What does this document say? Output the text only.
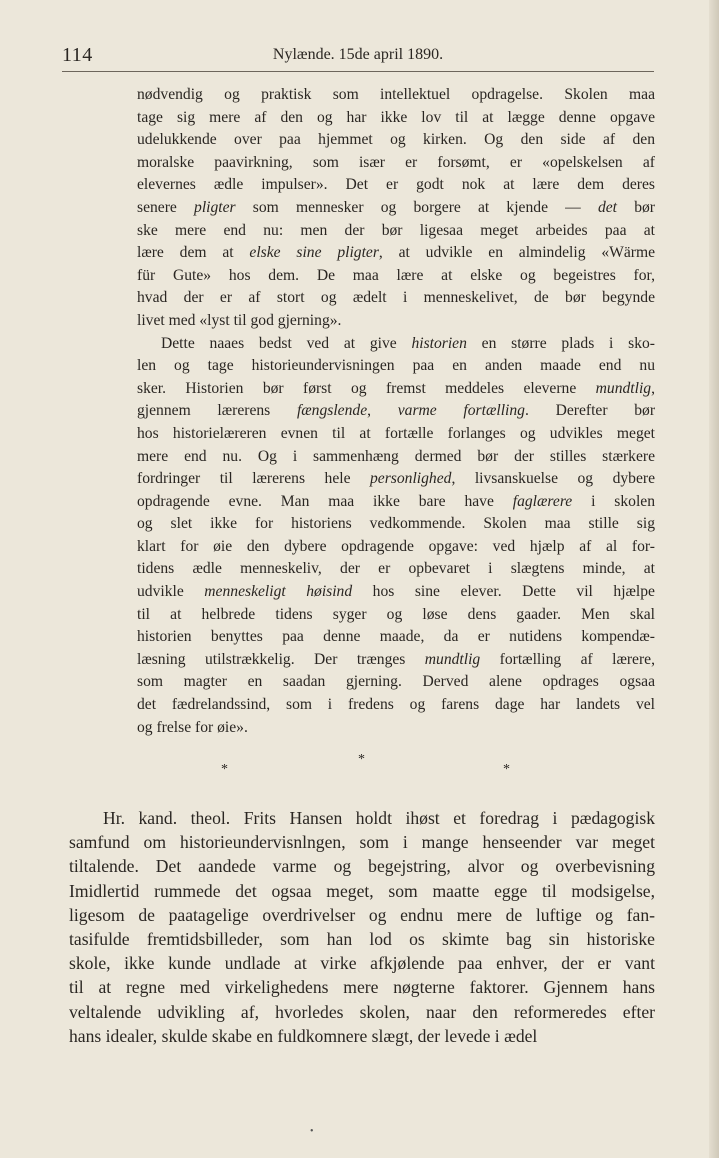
114	Nylænde. 15de april 1890.

nødvendig og praktisk som intellektuel opdragelse. Skolen maa
tage sig mere af den og har ikke lov til at lægge denne opgave
udelukkende over paa hjemmet og kirken. Og den side af den
moralske paavirkning, som især er forsømt, er «opelskelsen af
elevernes ædle impulser». Det er godt nok at lære dem deres
senere pligter som mennesker og borgere at kjende — det bør
ske mere end nu: men der bør ligesaa meget arbeides paa at
lære dem at elske sine pligter, at udvikle en almindelig «Wärme
für Gute» hos dem. De maa lære at elske og begeistres for,
hvad der er af stort og ædelt i menneskelivet, de bør begynde
livet med «lyst til god gjerning».

Dette naaes bedst ved at give historien en større plads i sko-
len og tage historieundervisningen paa en anden maade end nu
sker. Historien bør først og fremst meddeles eleverne mundtlig,
gjennem lærerens fængslende, varme fortælling. Derefter bør
hos historielæreren evnen til at fortælle forlanges og udvikles meget
mere end nu. Og i sammenhæng dermed bør der stilles stærkere
fordringer til lærerens hele personlighed, livsanskuelse og dybere
opdragende evne. Man maa ikke bare have faglærere i skolen
og slet ikke for historiens vedkommende. Skolen maa stille sig
klart for øie den dybere opdragende opgave: ved hjælp af al for-
tidens ædle menneskeliv, der er opbevaret i slægtens minde, at
udvikle menneskeligt høisind hos sine elever. Dette vil hjælpe
til at helbrede tidens syger og løse dens gaader. Men skal
historien benyttes paa denne maade, da er nutidens kompendæ-
læsning utilstrækkelig. Der trænges mundtlig fortælling af lærere,
som magter en saadan gjerning. Derved alene opdrages ogsaa
det fædrelandssind, som i fredens og farens dage har landets vel
og frelse for øie».

*
*
*
Hr. kand. theol. Frits Hansen holdt ihøst et foredrag i pædagogisk
samfund om historieundervisnlngen, som i mange henseender var meget
tiltalende. Det aandede varme og begejstring, alvor og overbevisning
Imidlertid rummede det ogsaa meget, som maatte egge til modsigelse,
ligesom de paatagelige overdrivelser og endnu mere de luftige og fan-
tasifulde fremtidsbilleder, som han lod os skimte bag sin historiske
skole, ikke kunde undlade at virke afkjølende paa enhver, der er vant
til at regne med virkelighedens mere nøgterne faktorer. Gjennem hans
veltalende udvikling af, hvorledes skolen, naar den reformeredes efter
hans idealer, skulde skabe en fuldkomnere slægt, der levede i ædel
•
